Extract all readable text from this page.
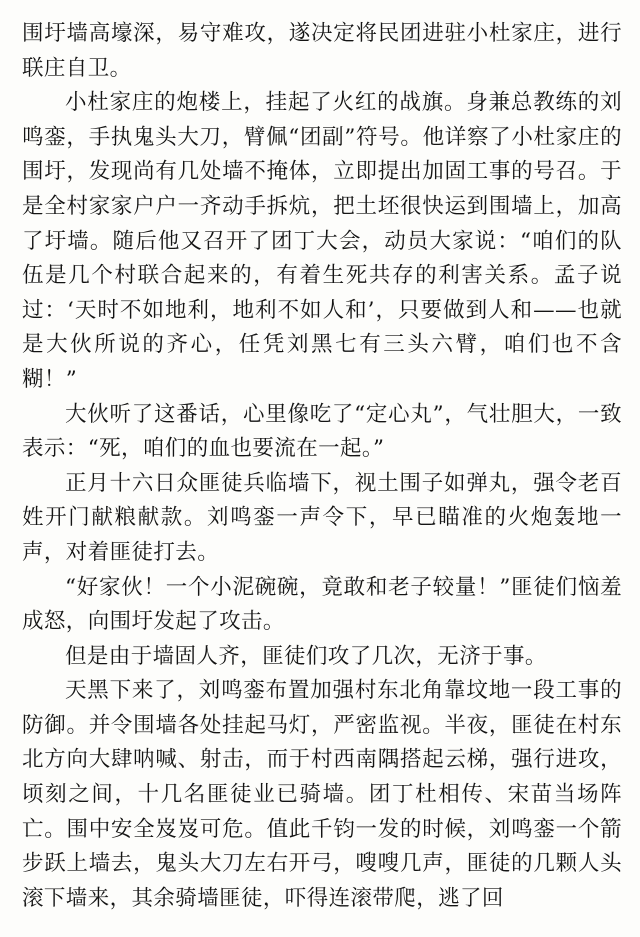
围圩墙高壕深，易守难攻，遂决定将民团进驻小杜家庄，进行联庄自卫。

小杜家庄的炮楼上，挂起了火红的战旗。身兼总教练的刘鸣銮，手执鬼头大刀，臂佩“团副”符号。他详察了小杜家庄的围圩，发现尚有几处墙不掩体，立即提出加固工事的号召。于是全村家家户户一齐动手拆炕，把土坯很快运到围墙上，加高了圩墙。随后他又召开了团丁大会，动员大家说：“咱们的队伍是几个村联合起来的，有着生死共存的利害关系。孟子说过：‘天时不如地利，地利不如人和’，只要做到人和——也就是大伙所说的齐心，任凭刘黑七有三头六臂，咱们也不含糊！”

大伙听了这番话，心里像吃了“定心丸”，气壮胆大，一致表示：“死，咱们的血也要流在一起。”

正月十六日众匪徒兵临墙下，视土围子如弹丸，强令老百姓开门献粮献款。刘鸣銮一声令下，早已瞄准的火炮轰地一声，对着匪徒打去。

“好家伙！一个小泥碗碗，竟敢和老子较量！”匪徒们恼羞成怒，向围圩发起了攻击。

但是由于墙固人齐，匪徒们攻了几次，无济于事。

天黑下来了，刘鸣銮布置加强村东北角靠坟地一段工事的防御。并令围墙各处挂起马灯，严密监视。半夜，匪徒在村东北方向大肆呐喊、射击，而于村西南隅搭起云梯，强行进攻，顷刻之间，十几名匪徒业已骑墙。团丁杜相传、宋苗当场阵亡。围中安全岌岌可危。值此千钧一发的时候，刘鸣銮一个箭步跃上墙去，鬼头大刀左右开弓，嗖嗖几声，匪徒的几颗人头滚下墙来，其余骑墙匪徒，吓得连滚带爬，逃了回
